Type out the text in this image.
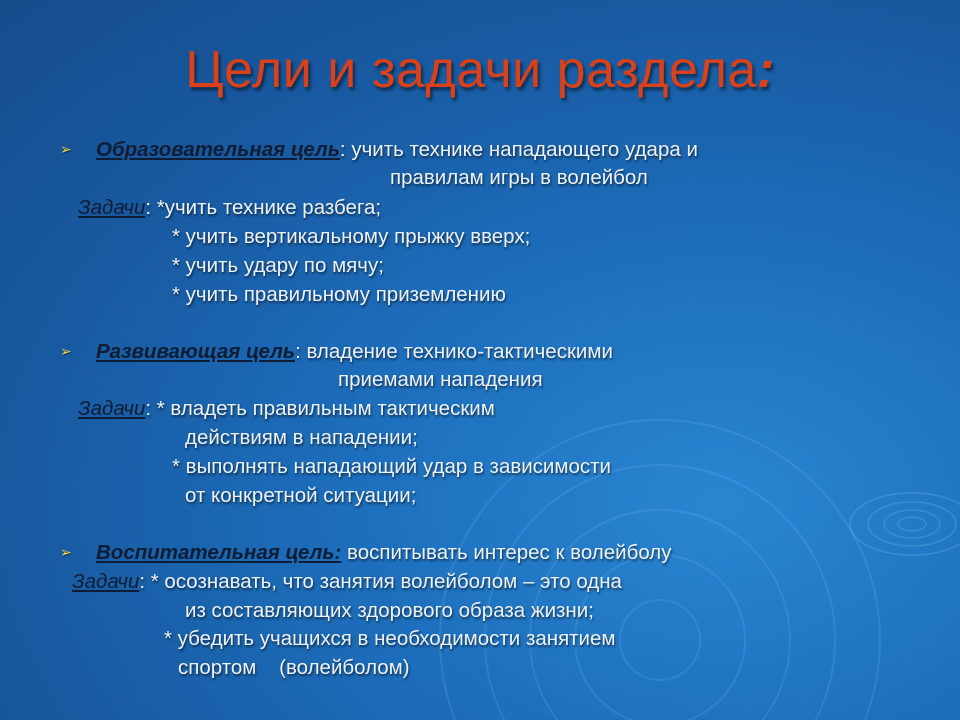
Цели и задачи раздела:
➢ Образовательная цель: учить технике нападающего удара и
правилам игры в волейбол
Задачи: *учить технике разбега;
* учить вертикальному прыжку вверх;
* учить удару по мячу;
* учить правильному приземлению
➢ Развивающая цель: владение технико-тактическими
приемами нападения
Задачи: * владеть правильным тактическим
действиям в нападении;
* выполнять нападающий удар в зависимости
от конкретной ситуации;
➢ Воспитательная цель: воспитывать интерес к волейболу
Задачи: * осознавать, что занятия волейболом – это одна
из составляющих здорового образа жизни;
* убедить учащихся в необходимости занятием
спортом    (волейболом)
